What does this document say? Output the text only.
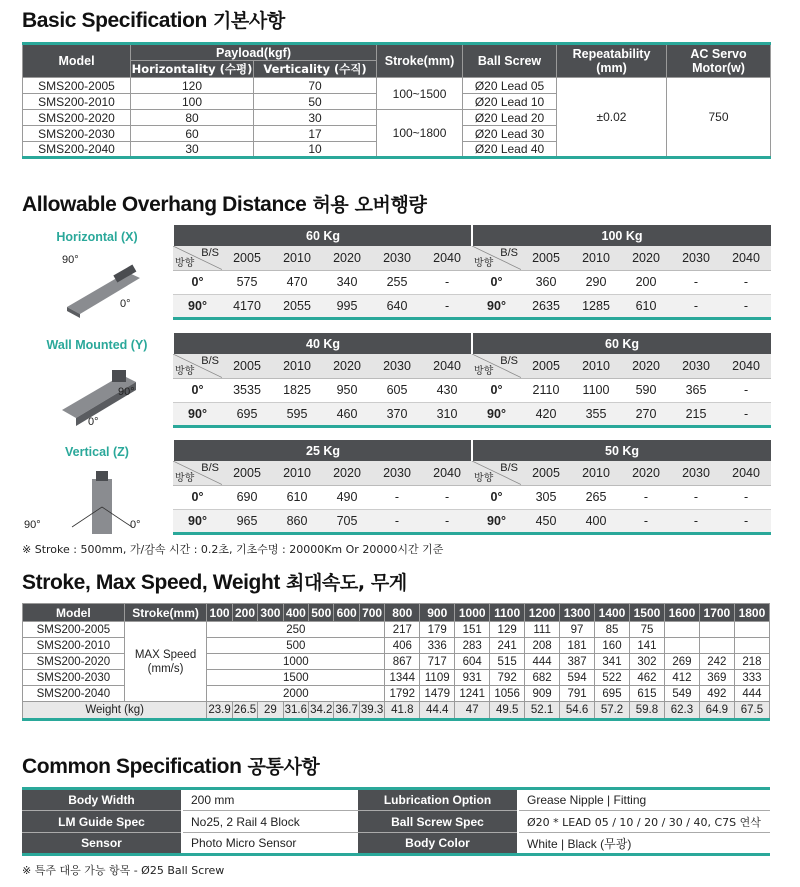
Basic Specification 기본사항
Model	Payload(kgf)		Stroke(mm)	Ball Screw	Repeatability (mm)	AC Servo Motor(w)
	Horizontality (수평)	Verticality (수직)				
SMS200-2005	120	70	100~1500	Ø20 Lead 05	±0.02	750
SMS200-2010	100	50		Ø20 Lead 10		
SMS200-2020	80	30	100~1800	Ø20 Lead 20		
SMS200-2030	60	17		Ø20 Lead 30		
SMS200-2040	30	10		Ø20 Lead 40		
Allowable Overhang Distance 허용 오버행량
Horizontal (X)
90°
0°
60 Kg					

B/S
방향	2005	2010	2020	2030	2040
0°	575	470	340	255	-
90°	4170	2055	995	640	-
100 Kg					

B/S
방향	2005	2010	2020	2030	2040
0°	360	290	200	-	-
90°	2635	1285	610	-	-
Wall Mounted (Y)
90°
0°
40 Kg					

B/S
방향	2005	2010	2020	2030	2040
0°	3535	1825	950	605	430
90°	695	595	460	370	310
60 Kg					

B/S
방향	2005	2010	2020	2030	2040
0°	2110	1100	590	365	-
90°	420	355	270	215	-
Vertical (Z)
90°	0°
25 Kg					

B/S
방향	2005	2010	2020	2030	2040
0°	690	610	490	-	-
90°	965	860	705	-	-
50 Kg					

B/S
방향	2005	2010	2020	2030	2040
0°	305	265	-	-	-
90°	450	400	-	-	-
※ Stroke : 500mm, 가/감속 시간 : 0.2초, 기초수명 : 20000Km Or 20000시간 기준
Stroke, Max Speed, Weight 최대속도, 무게
Model	Stroke(mm)	100	200	300	400	500	600	700	800	900	1000	1100	1200	1300	1400	1500	1600	1700	1800
SMS200-2005	MAX Speed (mm/s)	250							217	179	151	129	111	97	85	75			
SMS200-2010		500							406	336	283	241	208	181	160	141			
SMS200-2020		1000							867	717	604	515	444	387	341	302	269	242	218
SMS200-2030		1500							1344	1109	931	792	682	594	522	462	412	369	333
SMS200-2040		2000							1792	1479	1241	1056	909	791	695	615	549	492	444
Weight (kg)		23.9	26.5	29	31.6	34.2	36.7	39.3	41.8	44.4	47	49.5	52.1	54.6	57.2	59.8	62.3	64.9	67.5
Common Specification 공통사항
Body Width	200 mm	Lubrication Option	Grease Nipple | Fitting
LM Guide Spec	No25, 2 Rail 4 Block	Ball Screw Spec	Ø20 * LEAD 05 / 10 / 20 / 30 / 40, C7S 연삭
Sensor	Photo Micro Sensor	Body Color	White | Black (무광)
※ 특주 대응 가능 항목 - Ø25 Ball Screw
